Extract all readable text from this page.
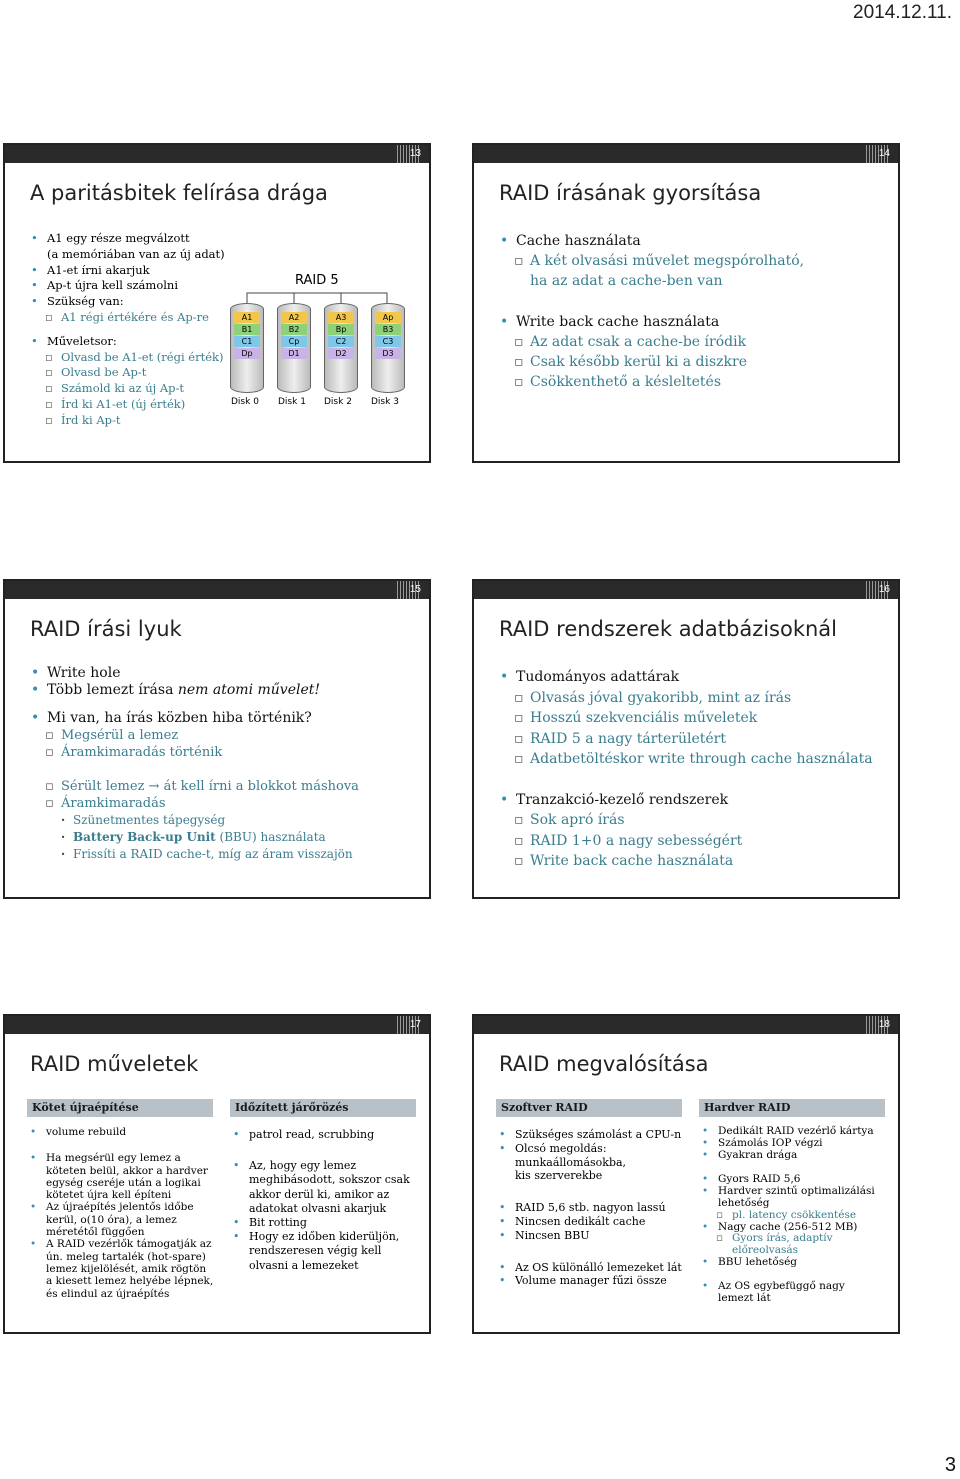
2014.12.11.
13
A paritásbitek felírása drága
• A1 egy része megválzott
(a memóriában van az új adat)
• A1-et írni akarjuk
• Ap-t újra kell számolni
• Szükség van:
▫ A1 régi értékére és Ap-re
• Műveletsor:
▫ Olvasd be A1-et (régi érték)
▫ Olvasd be Ap-t
▫ Számold ki az új Ap-t
▫ Írd ki A1-et (új érték)
▫ Írd ki Ap-t
RAID 5
A1
B1
C1
Dp
A2
B2
Cp
D1
A3
Bp
C2
D2
Ap
B3
C3
D3
Disk 0 Disk 1 Disk 2 Disk 3
14
RAID írásának gyorsítása
• Cache használata
▫ A két olvasási művelet megspórolható,
ha az adat a cache-ben van
• Write back cache használata
▫ Az adat csak a cache-be íródik
▫ Csak később kerül ki a diszkre
▫ Csökkenthető a késleltetés
15
RAID írási lyuk
• Write hole
• Több lemezt írása nem atomi művelet!
• Mi van, ha írás közben hiba történik?
▫ Megsérül a lemez
▫ Áramkimaradás történik
▫ Sérült lemez → át kell írni a blokkot máshova
▫ Áramkimaradás
· Szünetmentes tápegység
· Battery Back-up Unit (BBU) használata
· Frissíti a RAID cache-t, míg az áram visszajön
16
RAID rendszerek adatbázisoknál
• Tudományos adattárak
▫ Olvasás jóval gyakoribb, mint az írás
▫ Hosszú szekvenciális műveletek
▫ RAID 5 a nagy tárterületért
▫ Adatbetöltéskor write through cache használata
• Tranzakció-kezelő rendszerek
▫ Sok apró írás
▫ RAID 1+0 a nagy sebességért
▫ Write back cache használata
17
RAID műveletek
Kötet újraépítése	Időzített járőrözés
• volume rebuild
• Ha megsérül egy lemez a köteten belül, akkor a hardver egység cseréje után a logikai kötetet újra kell építeni
• Az újraépítés jelentős időbe kerül, o(10 óra), a lemez méretétől függően
• A RAID vezérlők támogatják az ún. meleg tartalék (hot-spare) lemez kijelölését, amik rögtön a kiesett lemez helyébe lépnek, és elindul az újraépítés
• patrol read, scrubbing
• Az, hogy egy lemez meghibásodott, sokszor csak akkor derül ki, amikor az adatokat olvasni akarjuk
• Bit rotting
• Hogy ez időben kiderüljön, rendszeresen végig kell olvasni a lemezeket
18
RAID megvalósítása
Szoftver RAID	Hardver RAID
• Szükséges számolást a CPU-n
• Olcsó megoldás: munkaállomásokba, kis szerverekbe
• RAID 5,6 stb. nagyon lassú
• Nincsen dedikált cache
• Nincsen BBU
• Az OS különálló lemezeket lát
• Volume manager fűzi össze
• Dedikált RAID vezérlő kártya
• Számolás IOP végzi
• Gyakran drága
• Gyors RAID 5,6
• Hardver szintű optimalizálási lehetőség
▫ pl. latency csökkentése
• Nagy cache (256-512 MB)
▫ Gyors írás, adaptív előreolvasás
• BBU lehetőség
• Az OS egybefüggő nagy lemezt lát
3
